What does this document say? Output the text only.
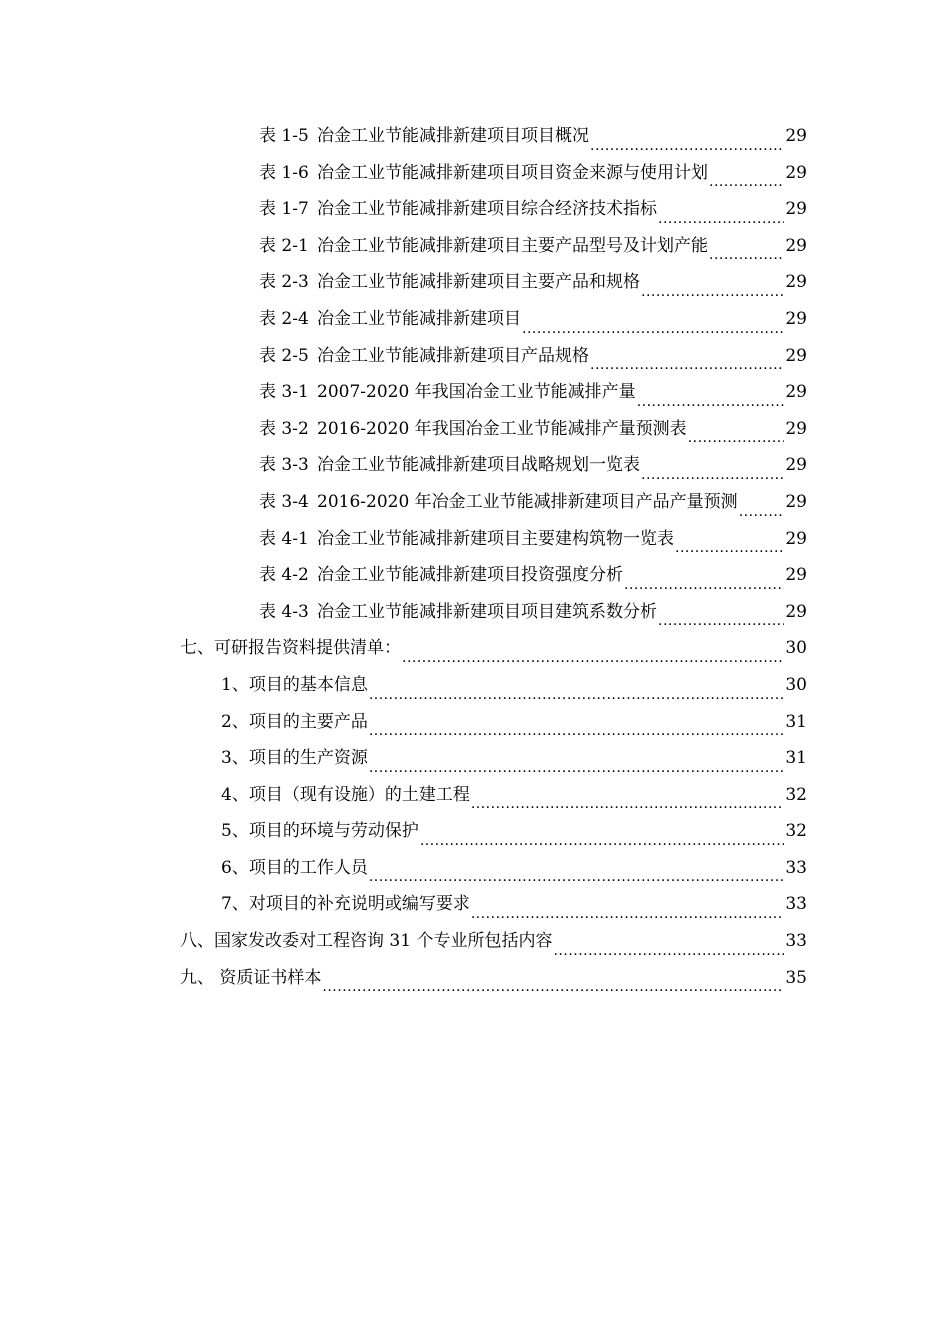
表 1-5 冶金工业节能减排新建项目项目概况 .....	29
表 1-6 冶金工业节能减排新建项目项目资金来源与使用计划 .....	29
表 1-7 冶金工业节能减排新建项目综合经济技术指标 .....	29
表 2-1 冶金工业节能减排新建项目主要产品型号及计划产能 .....	29
表 2-3 冶金工业节能减排新建项目主要产品和规格 .....	29
表 2-4 冶金工业节能减排新建项目 .....	29
表 2-5 冶金工业节能减排新建项目产品规格 .....	29
表 3-1 2007-2020 年我国冶金工业节能减排产量 .....	29
表 3-2 2016-2020 年我国冶金工业节能减排产量预测表 .....	29
表 3-3 冶金工业节能减排新建项目战略规划一览表 .....	29
表 3-4 2016-2020 年冶金工业节能减排新建项目产品产量预测 .....	29
表 4-1 冶金工业节能减排新建项目主要建构筑物一览表 .....	29
表 4-2 冶金工业节能减排新建项目投资强度分析 .....	29
表 4-3 冶金工业节能减排新建项目项目建筑系数分析 .....	29
七、可研报告资料提供清单： .....	30
1、项目的基本信息 .....	30
2、项目的主要产品 .....	31
3、项目的生产资源 .....	31
4、项目（现有设施）的土建工程 .....	32
5、项目的环境与劳动保护 .....	32
6、项目的工作人员 .....	33
7、对项目的补充说明或编写要求 .....	33
八、国家发改委对工程咨询 31 个专业所包括内容 .....	33
九、 资质证书样本 .....	35
